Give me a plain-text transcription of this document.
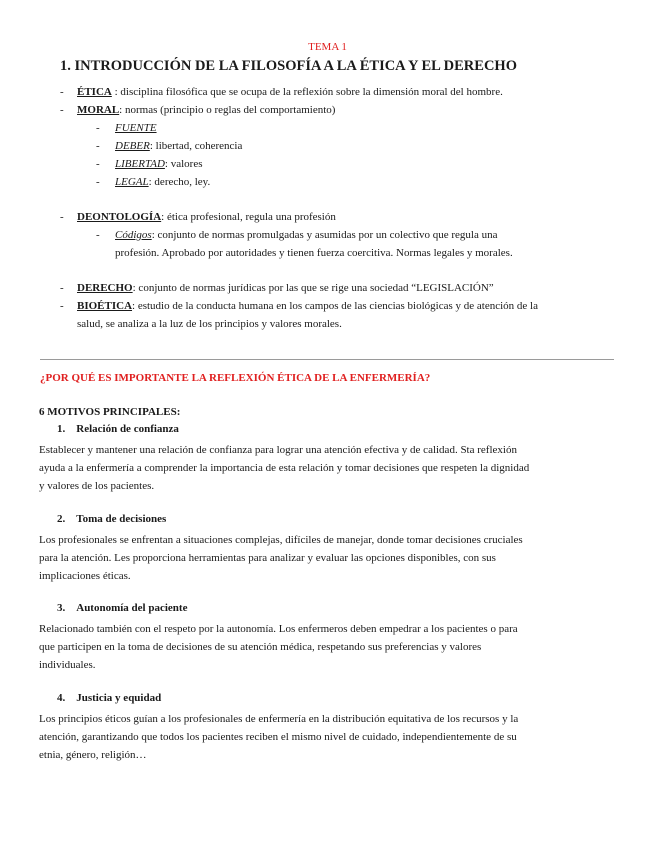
TEMA 1
1. INTRODUCCIÓN DE LA FILOSOFÍA A LA ÉTICA Y EL DERECHO
- ÉTICA : disciplina filosófica que se ocupa de la reflexión sobre la dimensión moral del hombre.
- MORAL: normas (principio o reglas del comportamiento)
- FUENTE
- DEBER: libertad, coherencia
- LIBERTAD: valores
- LEGAL: derecho, ley.
- DEONTOLOGÍA: ética profesional, regula una profesión
- Códigos: conjunto de normas promulgadas y asumidas por un colectivo que regula una
profesión. Aprobado por autoridades y tienen fuerza coercitiva. Normas legales y morales.
- DERECHO: conjunto de normas jurídicas por las que se rige una sociedad “LEGISLACIÓN”
- BIOÉTICA: estudio de la conducta humana en los campos de las ciencias biológicas y de atención de la
salud, se analiza a la luz de los principios y valores morales.
¿POR QUÉ ES IMPORTANTE LA REFLEXIÓN ÉTICA DE LA ENFERMERÍA?
6 MOTIVOS PRINCIPALES:
1. Relación de confianza
Establecer y mantener una relación de confianza para lograr una atención efectiva y de calidad. Sta reflexión
ayuda a la enfermería a comprender la importancia de esta relación y tomar decisiones que respeten la dignidad
y valores de los pacientes.
2. Toma de decisiones
Los profesionales se enfrentan a situaciones complejas, difíciles de manejar, donde tomar decisiones cruciales
para la atención. Les proporciona herramientas para analizar y evaluar las opciones disponibles, con sus
implicaciones éticas.
3. Autonomía del paciente
Relacionado también con el respeto por la autonomía. Los enfermeros deben empedrar a los pacientes o para
que participen en la toma de decisiones de su atención médica, respetando sus preferencias y valores
individuales.
4. Justicia y equidad
Los principios éticos guían a los profesionales de enfermería en la distribución equitativa de los recursos y la
atención, garantizando que todos los pacientes reciben el mismo nivel de cuidado, independientemente de su
etnia, género, religión…
